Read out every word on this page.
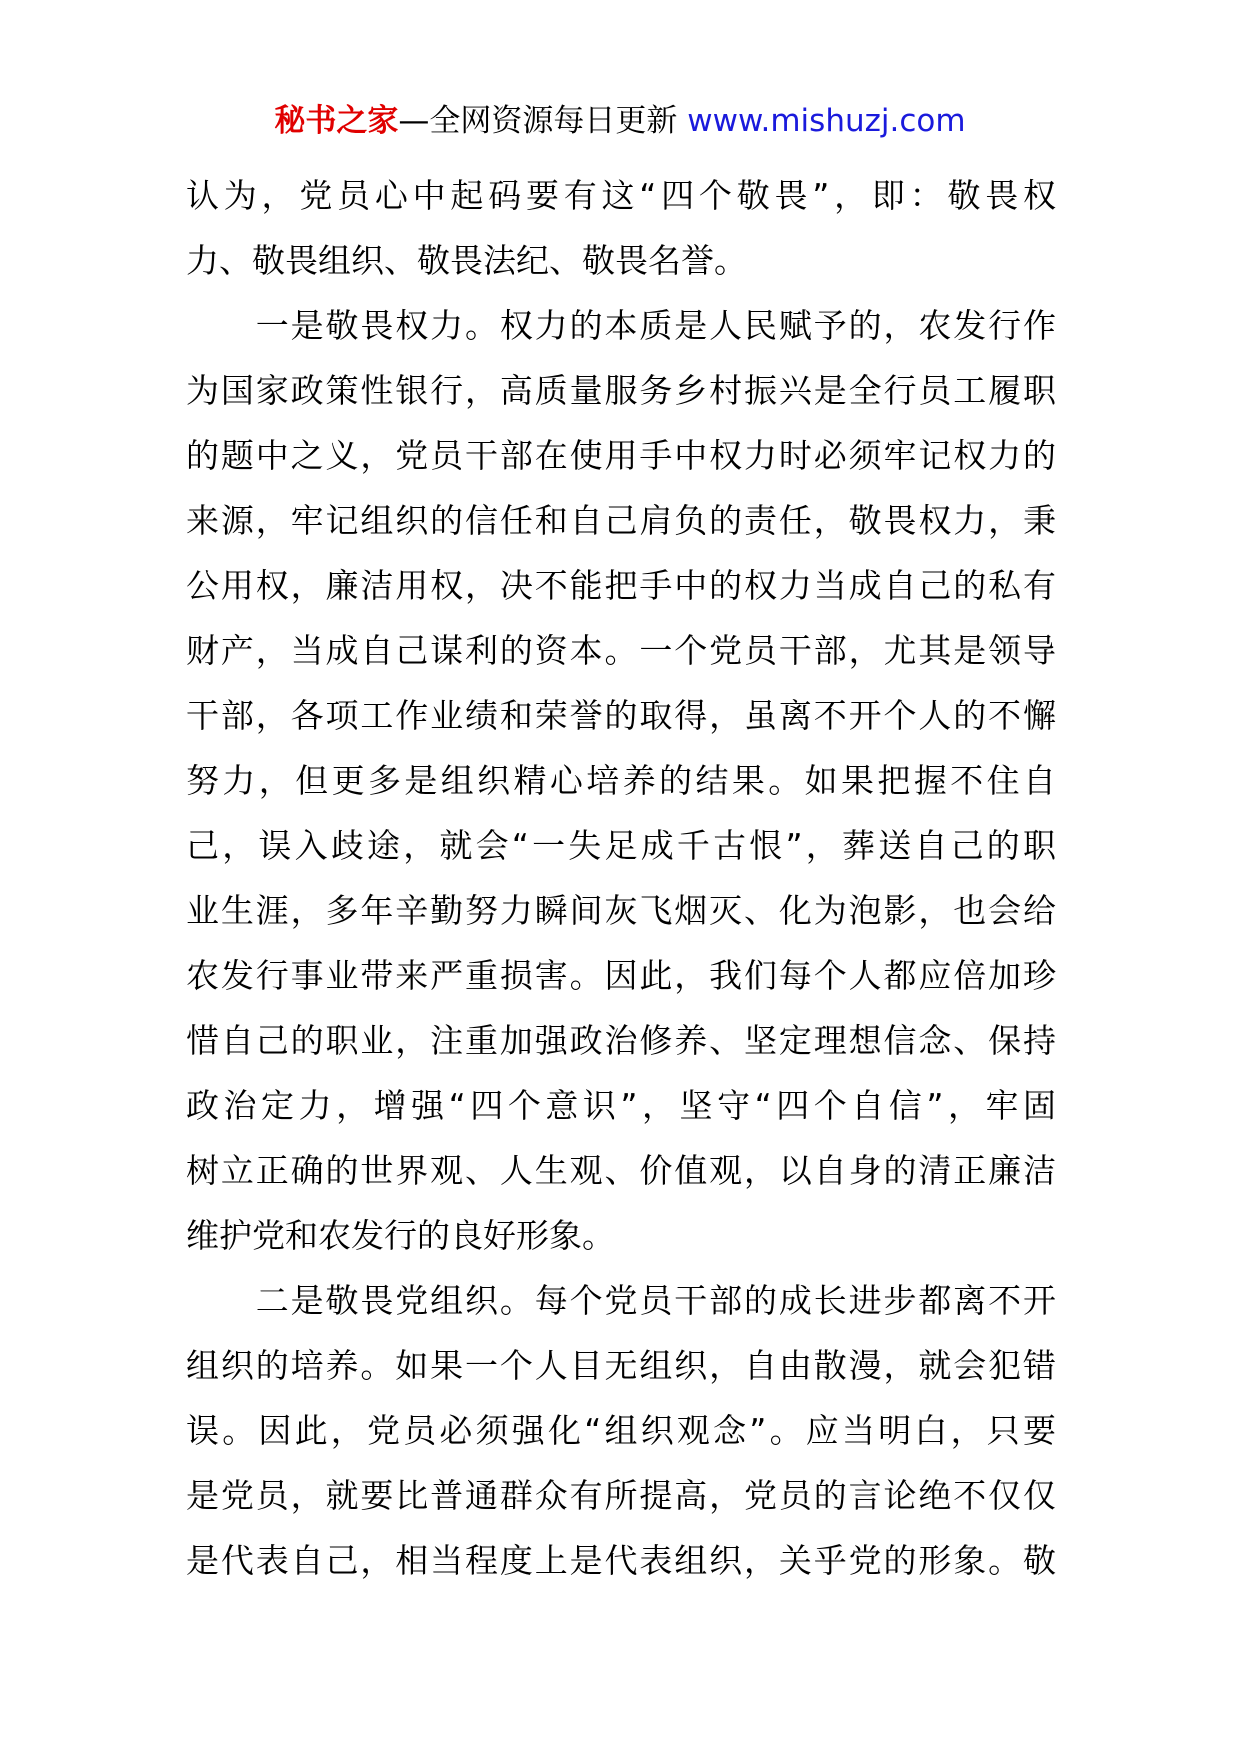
秘书之家—全网资源每日更新 www.mishuzj.com
认为，党员心中起码要有这“四个敬畏”，即：敬畏权
力、敬畏组织、敬畏法纪、敬畏名誉。
　　一是敬畏权力。权力的本质是人民赋予的，农发行作
为国家政策性银行，高质量服务乡村振兴是全行员工履职
的题中之义，党员干部在使用手中权力时必须牢记权力的
来源，牢记组织的信任和自己肩负的责任，敬畏权力，秉
公用权，廉洁用权，决不能把手中的权力当成自己的私有
财产，当成自己谋利的资本。一个党员干部，尤其是领导
干部，各项工作业绩和荣誉的取得，虽离不开个人的不懈
努力，但更多是组织精心培养的结果。如果把握不住自
己，误入歧途，就会“一失足成千古恨”，葬送自己的职
业生涯，多年辛勤努力瞬间灰飞烟灭、化为泡影，也会给
农发行事业带来严重损害。因此，我们每个人都应倍加珍
惜自己的职业，注重加强政治修养、坚定理想信念、保持
政治定力，增强“四个意识”，坚守“四个自信”，牢固
树立正确的世界观、人生观、价值观，以自身的清正廉洁
维护党和农发行的良好形象。
　　二是敬畏党组织。每个党员干部的成长进步都离不开
组织的培养。如果一个人目无组织，自由散漫，就会犯错
误。因此，党员必须强化“组织观念”。应当明白，只要
是党员，就要比普通群众有所提高，党员的言论绝不仅仅
是代表自己，相当程度上是代表组织，关乎党的形象。敬
